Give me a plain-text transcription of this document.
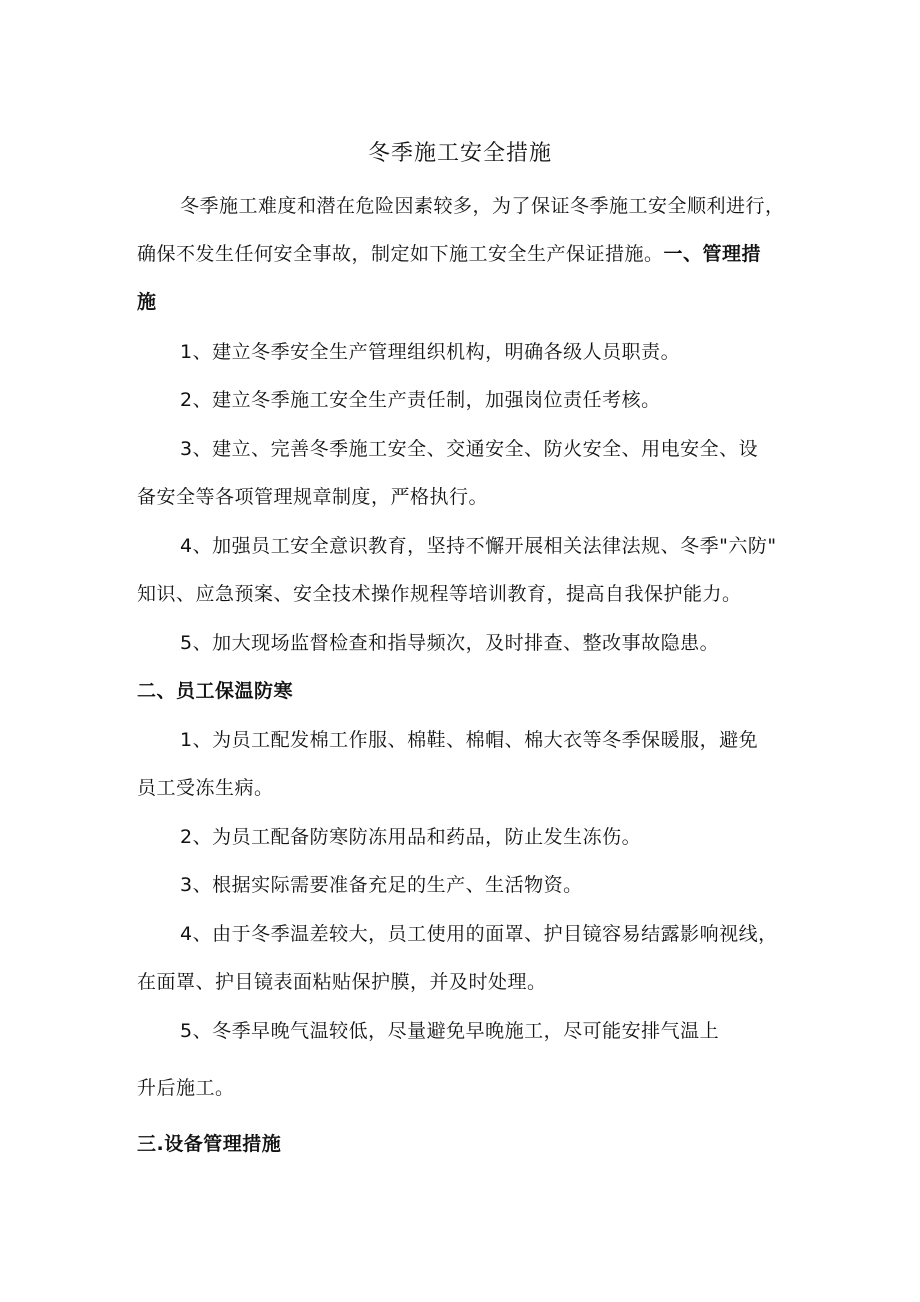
冬季施工安全措施
冬季施工难度和潜在危险因素较多，为了保证冬季施工安全顺利进行，
确保不发生任何安全事故，制定如下施工安全生产保证措施。一、管理措
施
1、建立冬季安全生产管理组织机构，明确各级人员职责。
2、建立冬季施工安全生产责任制，加强岗位责任考核。
3、建立、完善冬季施工安全、交通安全、防火安全、用电安全、设
备安全等各项管理规章制度，严格执行。
4、加强员工安全意识教育，坚持不懈开展相关法律法规、冬季"六防"
知识、应急预案、安全技术操作规程等培训教育，提高自我保护能力。
5、加大现场监督检查和指导频次，及时排查、整改事故隐患。
二、员工保温防寒
1、为员工配发棉工作服、棉鞋、棉帽、棉大衣等冬季保暖服，避免
员工受冻生病。
2、为员工配备防寒防冻用品和药品，防止发生冻伤。
3、根据实际需要准备充足的生产、生活物资。
4、由于冬季温差较大，员工使用的面罩、护目镜容易结露影响视线，
在面罩、护目镜表面粘贴保护膜，并及时处理。
5、冬季早晚气温较低，尽量避免早晚施工，尽可能安排气温上
升后施工。
三.设备管理措施
